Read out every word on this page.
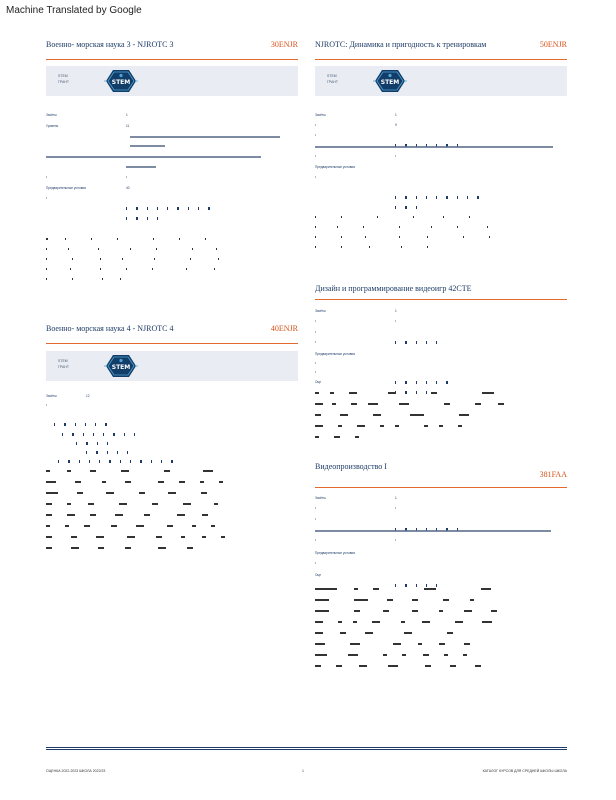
Machine Translated by Google
Военно- морская наука 3 - NJROTC 3	30ENJR
STEM
ГРАНТ	STEM
Зачёты	1
Уровень	11
•	•
Предварительные условия	40
•
Военно- морская наука 4 - NJROTC 4	40ENJR
STEM
ГРАНТ	STEM
Зачёты	12
•
NJROTC: Динамика и пригодность к тренировкам	50ENJR
STEM
ГРАНТ	STEM
Зачёты	1
•	9
•
•	•
Предварительные условия
•
Дизайн и программирование видеоигр 42CTE
Зачёты	1
•	•
•
•	•
Предварительные условия
•
•
Оце
Видеопроизводство I
381FAA
Зачёты	1
•	•
•
•	•
Предварительные условия
•
Оце
ОЦЕНКА 2022-2023 ШКОЛА 2022/23	1	КАТАЛОГ КУРСОВ ДЛЯ СРЕДНЕЙ ШКОЛЫ ШКОЛА
